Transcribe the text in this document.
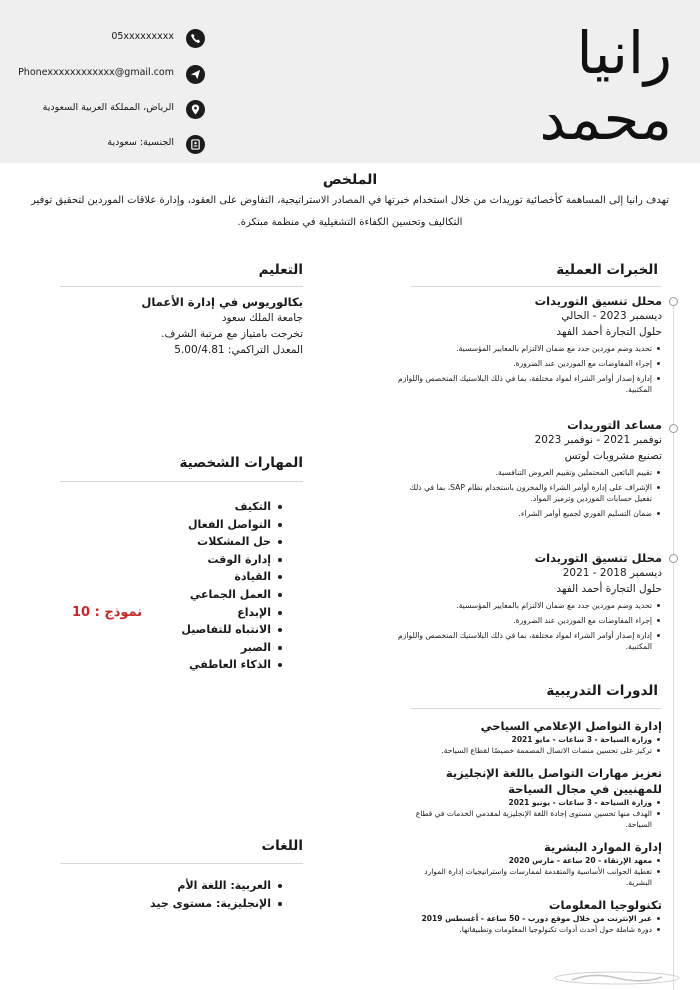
رانيا
محمد
05xxxxxxxxx
Phonexxxxxxxxxxxx@gmail.com
الرياض، المملكة العربية السعودية
الجنسية: سعودية
الملخص
تهدف رانيا إلى المساهمة كأخصائية توريدات من خلال استخدام خبرتها في المصادر الاستراتيجية، التفاوض على العقود، وإدارة علاقات الموردين لتحقيق توفير التكاليف وتحسين الكفاءة التشغيلية في منظمة مبتكرة.
الخبرات العملية
محلل تنسيق التوريدات
ديسمبر 2023 - الحالي
حلول التجارة أحمد الفهد
تحديد وضم موردين جدد مع ضمان الالتزام بالمعايير المؤسسية.
إجراء المفاوضات مع الموردين عند الضرورة.
إدارة إصدار أوامر الشراء لمواد مختلفة، بما في ذلك البلاستيك المتخصص واللوازم المكتبية.
مساعد التوريدات
نوفمبر 2021 - نوفمبر 2023
تصنيع مشروبات لوتس
تقييم البائعين المحتملين وتقييم العروض التنافسية.
الإشراف على إدارة أوامر الشراء والمخزون باستخدام نظام SAP، بما في ذلك تفعيل حسابات الموردين وترميز المواد.
ضمان التسليم الفوري لجميع أوامر الشراء.
محلل تنسيق التوريدات
ديسمبر 2018 - 2021
حلول التجارة أحمد الفهد
تحديد وضم موردين جدد مع ضمان الالتزام بالمعايير المؤسسية.
إجراء المفاوضات مع الموردين عند الضرورة.
إدارة إصدار أوامر الشراء لمواد مختلفة، بما في ذلك البلاستيك المتخصص واللوازم المكتبية.
التعليم
بكالوريوس في إدارة الأعمال
جامعة الملك سعود
تخرجت بامتياز مع مرتبة الشرف.
المعدل التراكمي: 5.00/4.81
المهارات الشخصية
التكيف
التواصل الفعال
حل المشكلات
إدارة الوقت
القيادة
العمل الجماعي
الإبداع
الانتباه للتفاصيل
الصبر
الذكاء العاطفي
نموذج : 10
الدورات التدريبية
إدارة التواصل الإعلامي السياحي
وزارة السياحة - 3 ساعات - مايو 2021
تركيز على تحسين منصات الاتصال المصممة خصيصًا لقطاع السياحة.
تعزيز مهارات التواصل باللغة الإنجليزية للمهنيين في مجال السياحة
وزارة السياحة - 3 ساعات - يونيو 2021
الهدف منها تحسين مستوى إجادة اللغة الإنجليزية لمقدمي الخدمات في قطاع السياحة.
إدارة الموارد البشرية
معهد الإرتقاء - 20 ساعة - مارس 2020
تغطية الجوانب الأساسية والمتقدمة لممارسات واستراتيجيات إدارة الموارد البشرية.
تكنولوجيا المعلومات
عبر الإنترنت من خلال موقع دورب - 50 ساعة - أغسطس 2019
دورة شاملة حول أحدث أدوات تكنولوجيا المعلومات وتطبيقاتها.
اللغات
العربية: اللغة الأم
الإنجليزية: مستوى جيد
